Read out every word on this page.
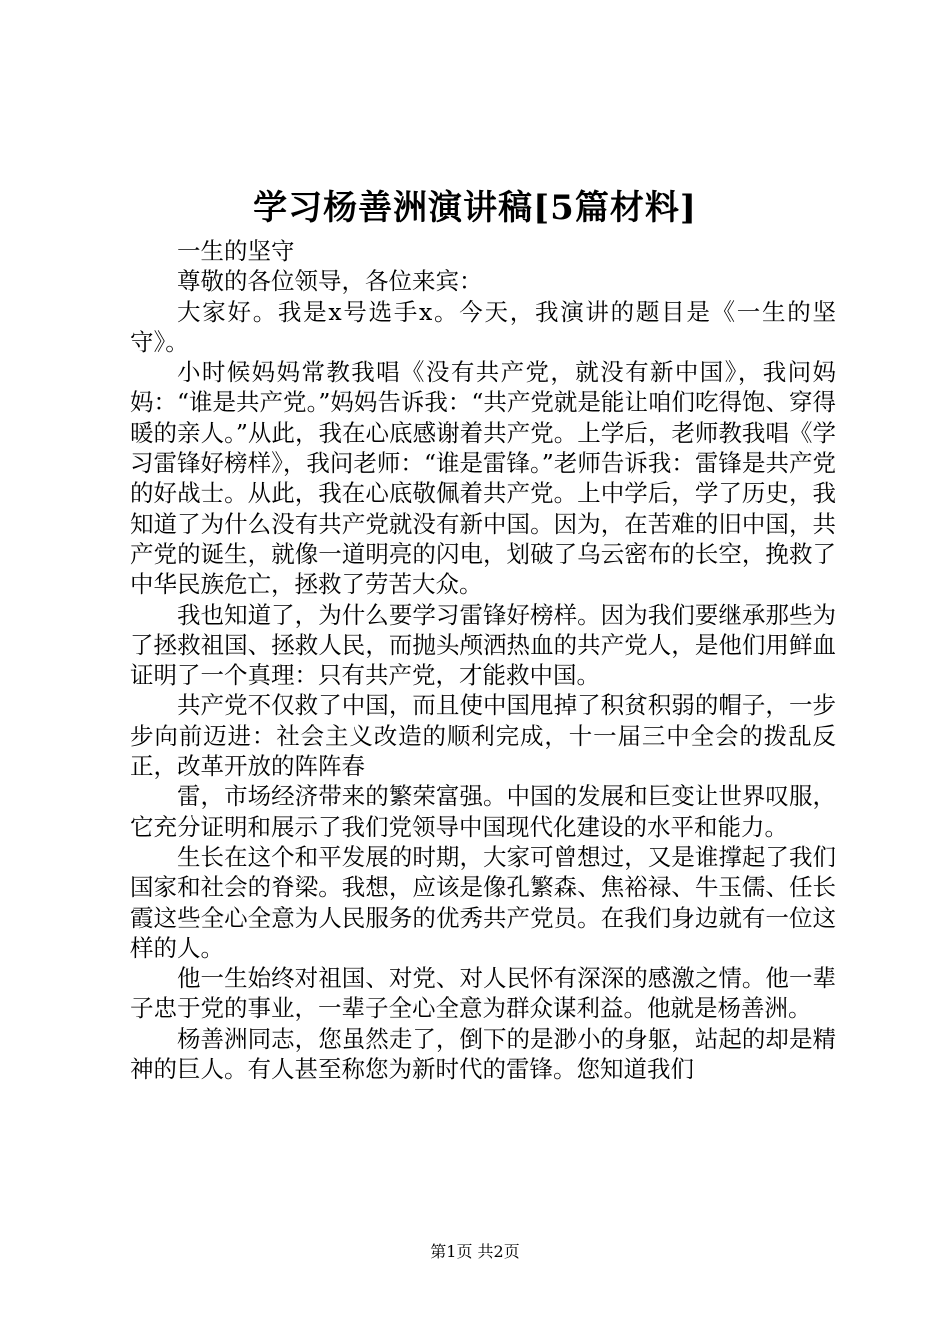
学习杨善洲演讲稿[5篇材料]

一生的坚守

尊敬的各位领导，各位来宾：

大家好。我是x号选手x。今天，我演讲的题目是《一生的坚守》。

小时候妈妈常教我唱《没有共产党，就没有新中国》，我问妈妈：“谁是共产党。”妈妈告诉我：“共产党就是能让咱们吃得饱、穿得暖的亲人。”从此，我在心底感谢着共产党。上学后，老师教我唱《学习雷锋好榜样》，我问老师：“谁是雷锋。”老师告诉我：雷锋是共产党的好战士。从此，我在心底敬佩着共产党。上中学后，学了历史，我知道了为什么没有共产党就没有新中国。因为，在苦难的旧中国，共产党的诞生，就像一道明亮的闪电，划破了乌云密布的长空，挽救了中华民族危亡，拯救了劳苦大众。

我也知道了，为什么要学习雷锋好榜样。因为我们要继承那些为了拯救祖国、拯救人民，而抛头颅洒热血的共产党人，是他们用鲜血证明了一个真理：只有共产党，才能救中国。

共产党不仅救了中国，而且使中国甩掉了积贫积弱的帽子，一步步向前迈进：社会主义改造的顺利完成，十一届三中全会的拨乱反正，改革开放的阵阵春

雷，市场经济带来的繁荣富强。中国的发展和巨变让世界叹服，它充分证明和展示了我们党领导中国现代化建设的水平和能力。

生长在这个和平发展的时期，大家可曾想过，又是谁撑起了我们国家和社会的脊梁。我想，应该是像孔繁森、焦裕禄、牛玉儒、任长霞这些全心全意为人民服务的优秀共产党员。在我们身边就有一位这样的人。

他一生始终对祖国、对党、对人民怀有深深的感激之情。他一辈子忠于党的事业，一辈子全心全意为群众谋利益。他就是杨善洲。

杨善洲同志，您虽然走了，倒下的是渺小的身躯，站起的却是精神的巨人。有人甚至称您为新时代的雷锋。您知道我们

第1页 共2页
